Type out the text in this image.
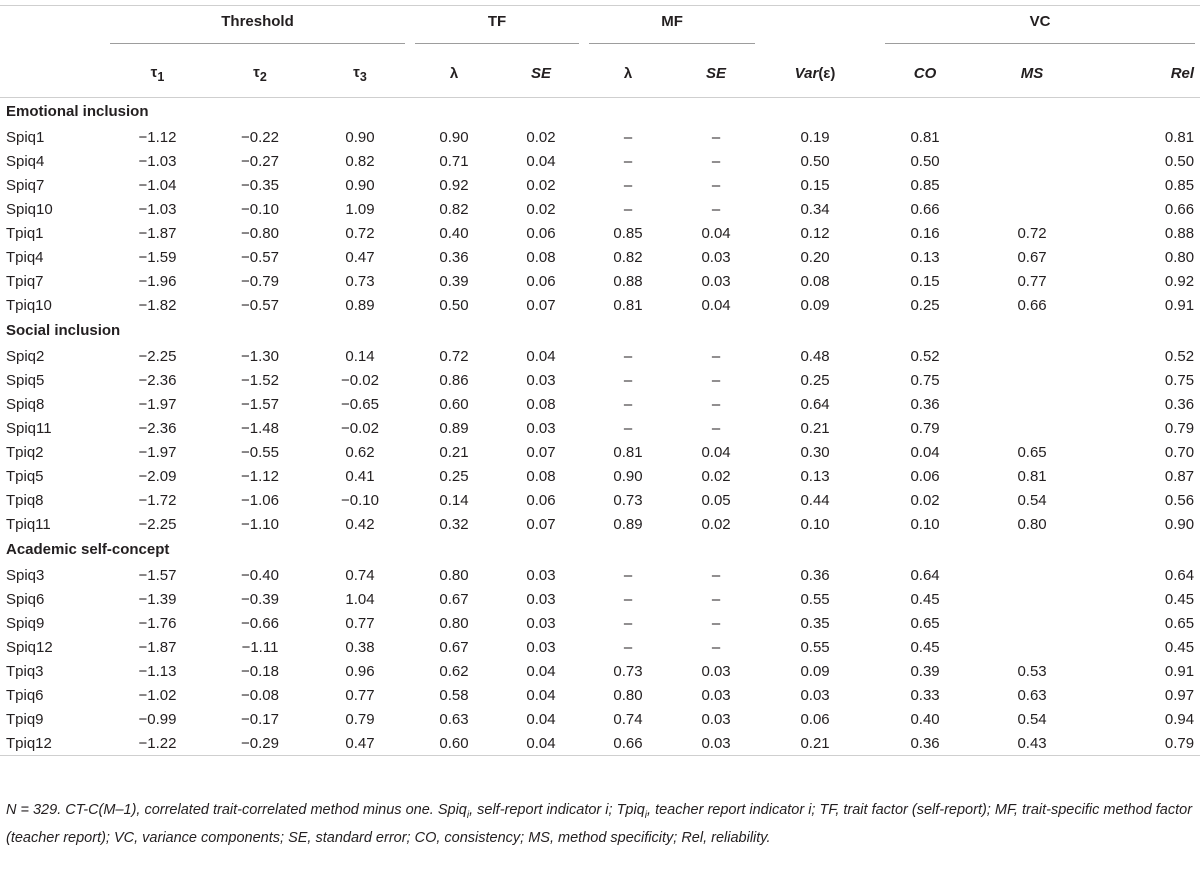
	Threshold			TF		MF			VC		

	$\tau_1$	$\tau_2$	$\tau_3$	λ	SE	λ	SE	Var(ε)	CO	MS	Rel
Emotional inclusion											
Spiq1	−1.12	−0.22	0.90	0.90	0.02	–	–	0.19	0.81		0.81
Spiq4	−1.03	−0.27	0.82	0.71	0.04	–	–	0.50	0.50		0.50
Spiq7	−1.04	−0.35	0.90	0.92	0.02	–	–	0.15	0.85		0.85
Spiq10	−1.03	−0.10	1.09	0.82	0.02	–	–	0.34	0.66		0.66
Tpiq1	−1.87	−0.80	0.72	0.40	0.06	0.85	0.04	0.12	0.16	0.72	0.88
Tpiq4	−1.59	−0.57	0.47	0.36	0.08	0.82	0.03	0.20	0.13	0.67	0.80
Tpiq7	−1.96	−0.79	0.73	0.39	0.06	0.88	0.03	0.08	0.15	0.77	0.92
Tpiq10	−1.82	−0.57	0.89	0.50	0.07	0.81	0.04	0.09	0.25	0.66	0.91
Social inclusion											
Spiq2	−2.25	−1.30	0.14	0.72	0.04	–	–	0.48	0.52		0.52
Spiq5	−2.36	−1.52	−0.02	0.86	0.03	–	–	0.25	0.75		0.75
Spiq8	−1.97	−1.57	−0.65	0.60	0.08	–	–	0.64	0.36		0.36
Spiq11	−2.36	−1.48	−0.02	0.89	0.03	–	–	0.21	0.79		0.79
Tpiq2	−1.97	−0.55	0.62	0.21	0.07	0.81	0.04	0.30	0.04	0.65	0.70
Tpiq5	−2.09	−1.12	0.41	0.25	0.08	0.90	0.02	0.13	0.06	0.81	0.87
Tpiq8	−1.72	−1.06	−0.10	0.14	0.06	0.73	0.05	0.44	0.02	0.54	0.56
Tpiq11	−2.25	−1.10	0.42	0.32	0.07	0.89	0.02	0.10	0.10	0.80	0.90
Academic self-concept											
Spiq3	−1.57	−0.40	0.74	0.80	0.03	–	–	0.36	0.64		0.64
Spiq6	−1.39	−0.39	1.04	0.67	0.03	–	–	0.55	0.45		0.45
Spiq9	−1.76	−0.66	0.77	0.80	0.03	–	–	0.35	0.65		0.65
Spiq12	−1.87	−1.11	0.38	0.67	0.03	–	–	0.55	0.45		0.45
Tpiq3	−1.13	−0.18	0.96	0.62	0.04	0.73	0.03	0.09	0.39	0.53	0.91
Tpiq6	−1.02	−0.08	0.77	0.58	0.04	0.80	0.03	0.03	0.33	0.63	0.97
Tpiq9	−0.99	−0.17	0.79	0.63	0.04	0.74	0.03	0.06	0.40	0.54	0.94
Tpiq12	−1.22	−0.29	0.47	0.60	0.04	0.66	0.03	0.21	0.36	0.43	0.79
N = 329. CT-C(M–1), correlated trait-correlated method minus one. Spiq$_i$, self-report indicator i; Tpiq$_i$, teacher report indicator i; TF, trait factor (self-report); MF, trait-specific method factor (teacher report); VC, variance components; SE, standard error; CO, consistency; MS, method specificity; Rel, reliability.
